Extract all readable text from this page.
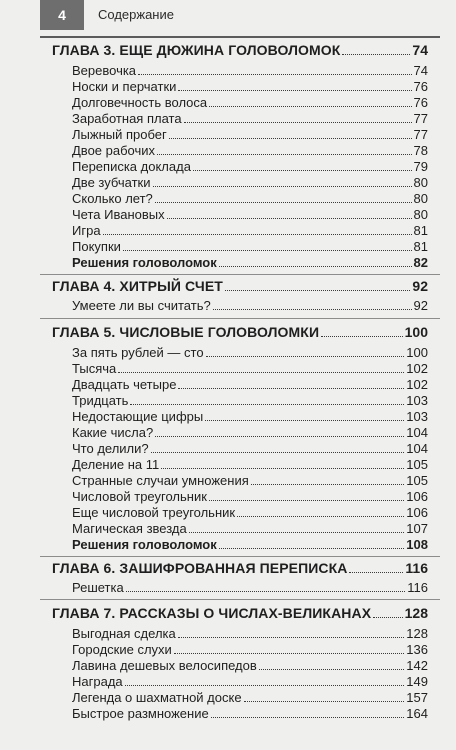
4	Содержание
ГЛАВА 3. ЕЩЕ ДЮЖИНА ГОЛОВОЛОМОК	74
Веревочка	74
Носки и перчатки	76
Долговечность волоса	76
Заработная плата	77
Лыжный пробег	77
Двое рабочих	78
Переписка доклада	79
Две зубчатки	80
Сколько лет?	80
Чета Ивановых	80
Игра	81
Покупки	81
Решения головоломок	82
ГЛАВА 4. ХИТРЫЙ СЧЕТ	92
Умеете ли вы считать?	92
ГЛАВА 5. ЧИСЛОВЫЕ ГОЛОВОЛОМКИ	100
За пять рублей — сто	100
Тысяча	102
Двадцать четыре	102
Тридцать	103
Недостающие цифры	103
Какие числа?	104
Что делили?	104
Деление на 11	105
Странные случаи умножения	105
Числовой треугольник	106
Еще числовой треугольник	106
Магическая звезда	107
Решения головоломок	108
ГЛАВА 6. ЗАШИФРОВАННАЯ ПЕРЕПИСКА	116
Решетка	116
ГЛАВА 7. РАССКАЗЫ О ЧИСЛАХ-ВЕЛИКАНАХ 128
Выгодная сделка	128
Городские слухи	136
Лавина дешевых велосипедов	142
Награда	149
Легенда о шахматной доске	157
Быстрое размножение	164
